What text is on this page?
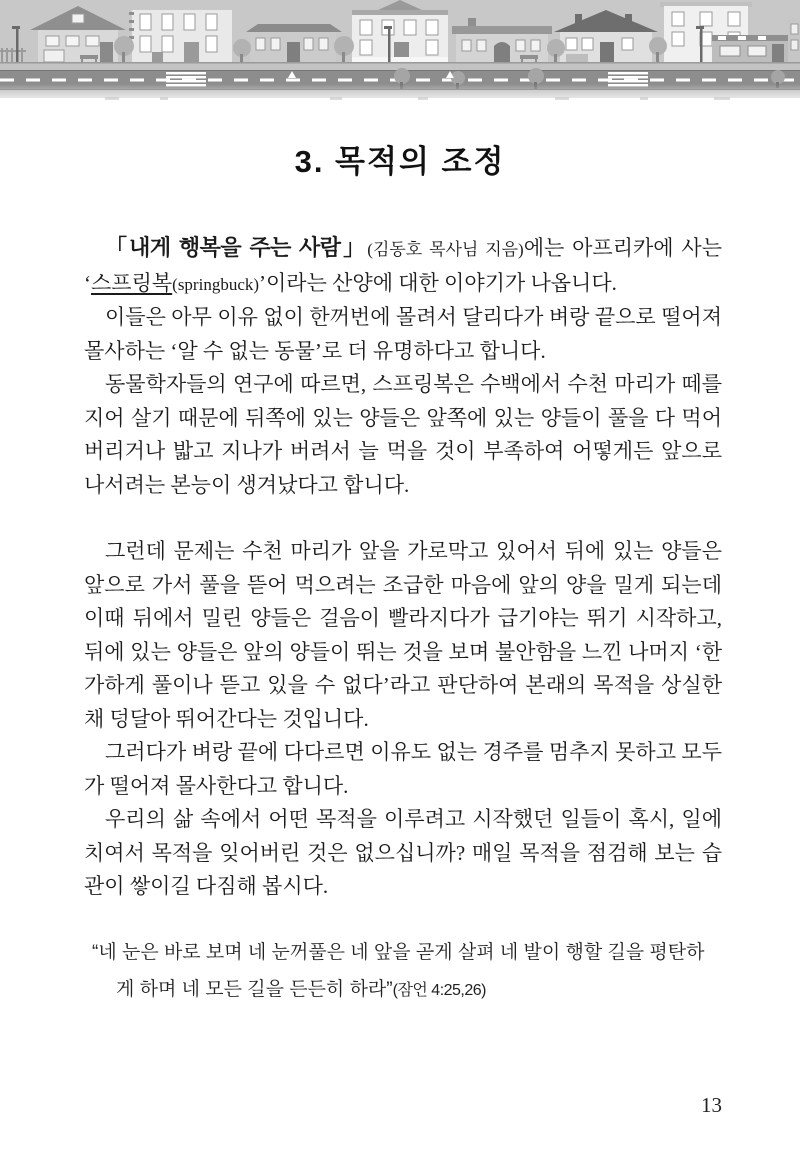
3. 목적의 조정

「내게 행복을 주는 사람」(김동호 목사님 지음)에는 아프리카에 사는 ‘스프링복(springbuck)’이라는 산양에 대한 이야기가 나옵니다.

이들은 아무 이유 없이 한꺼번에 몰려서 달리다가 벼랑 끝으로 떨어져 몰사하는 ‘알 수 없는 동물’로 더 유명하다고 합니다.

동물학자들의 연구에 따르면, 스프링복은 수백에서 수천 마리가 떼를 지어 살기 때문에 뒤쪽에 있는 양들은 앞쪽에 있는 양들이 풀을 다 먹어버리거나 밟고 지나가 버려서 늘 먹을 것이 부족하여 어떻게든 앞으로 나서려는 본능이 생겨났다고 합니다.

그런데 문제는 수천 마리가 앞을 가로막고 있어서 뒤에 있는 양들은 앞으로 가서 풀을 뜯어 먹으려는 조급한 마음에 앞의 양을 밀게 되는데 이때 뒤에서 밀린 양들은 걸음이 빨라지다가 급기야는 뛰기 시작하고, 뒤에 있는 양들은 앞의 양들이 뛰는 것을 보며 불안함을 느낀 나머지 ‘한가하게 풀이나 뜯고 있을 수 없다’라고 판단하여 본래의 목적을 상실한 채 덩달아 뛰어간다는 것입니다.

그러다가 벼랑 끝에 다다르면 이유도 없는 경주를 멈추지 못하고 모두가 떨어져 몰사한다고 합니다.

우리의 삶 속에서 어떤 목적을 이루려고 시작했던 일들이 혹시, 일에 치여서 목적을 잊어버린 것은 없으십니까? 매일 목적을 점검해 보는 습관이 쌓이길 다짐해 봅시다.

“네 눈은 바로 보며 네 눈꺼풀은 네 앞을 곧게 살펴 네 발이 행할 길을 평탄하게 하며 네 모든 길을 든든히 하라”(잠언 4:25,26)
13
